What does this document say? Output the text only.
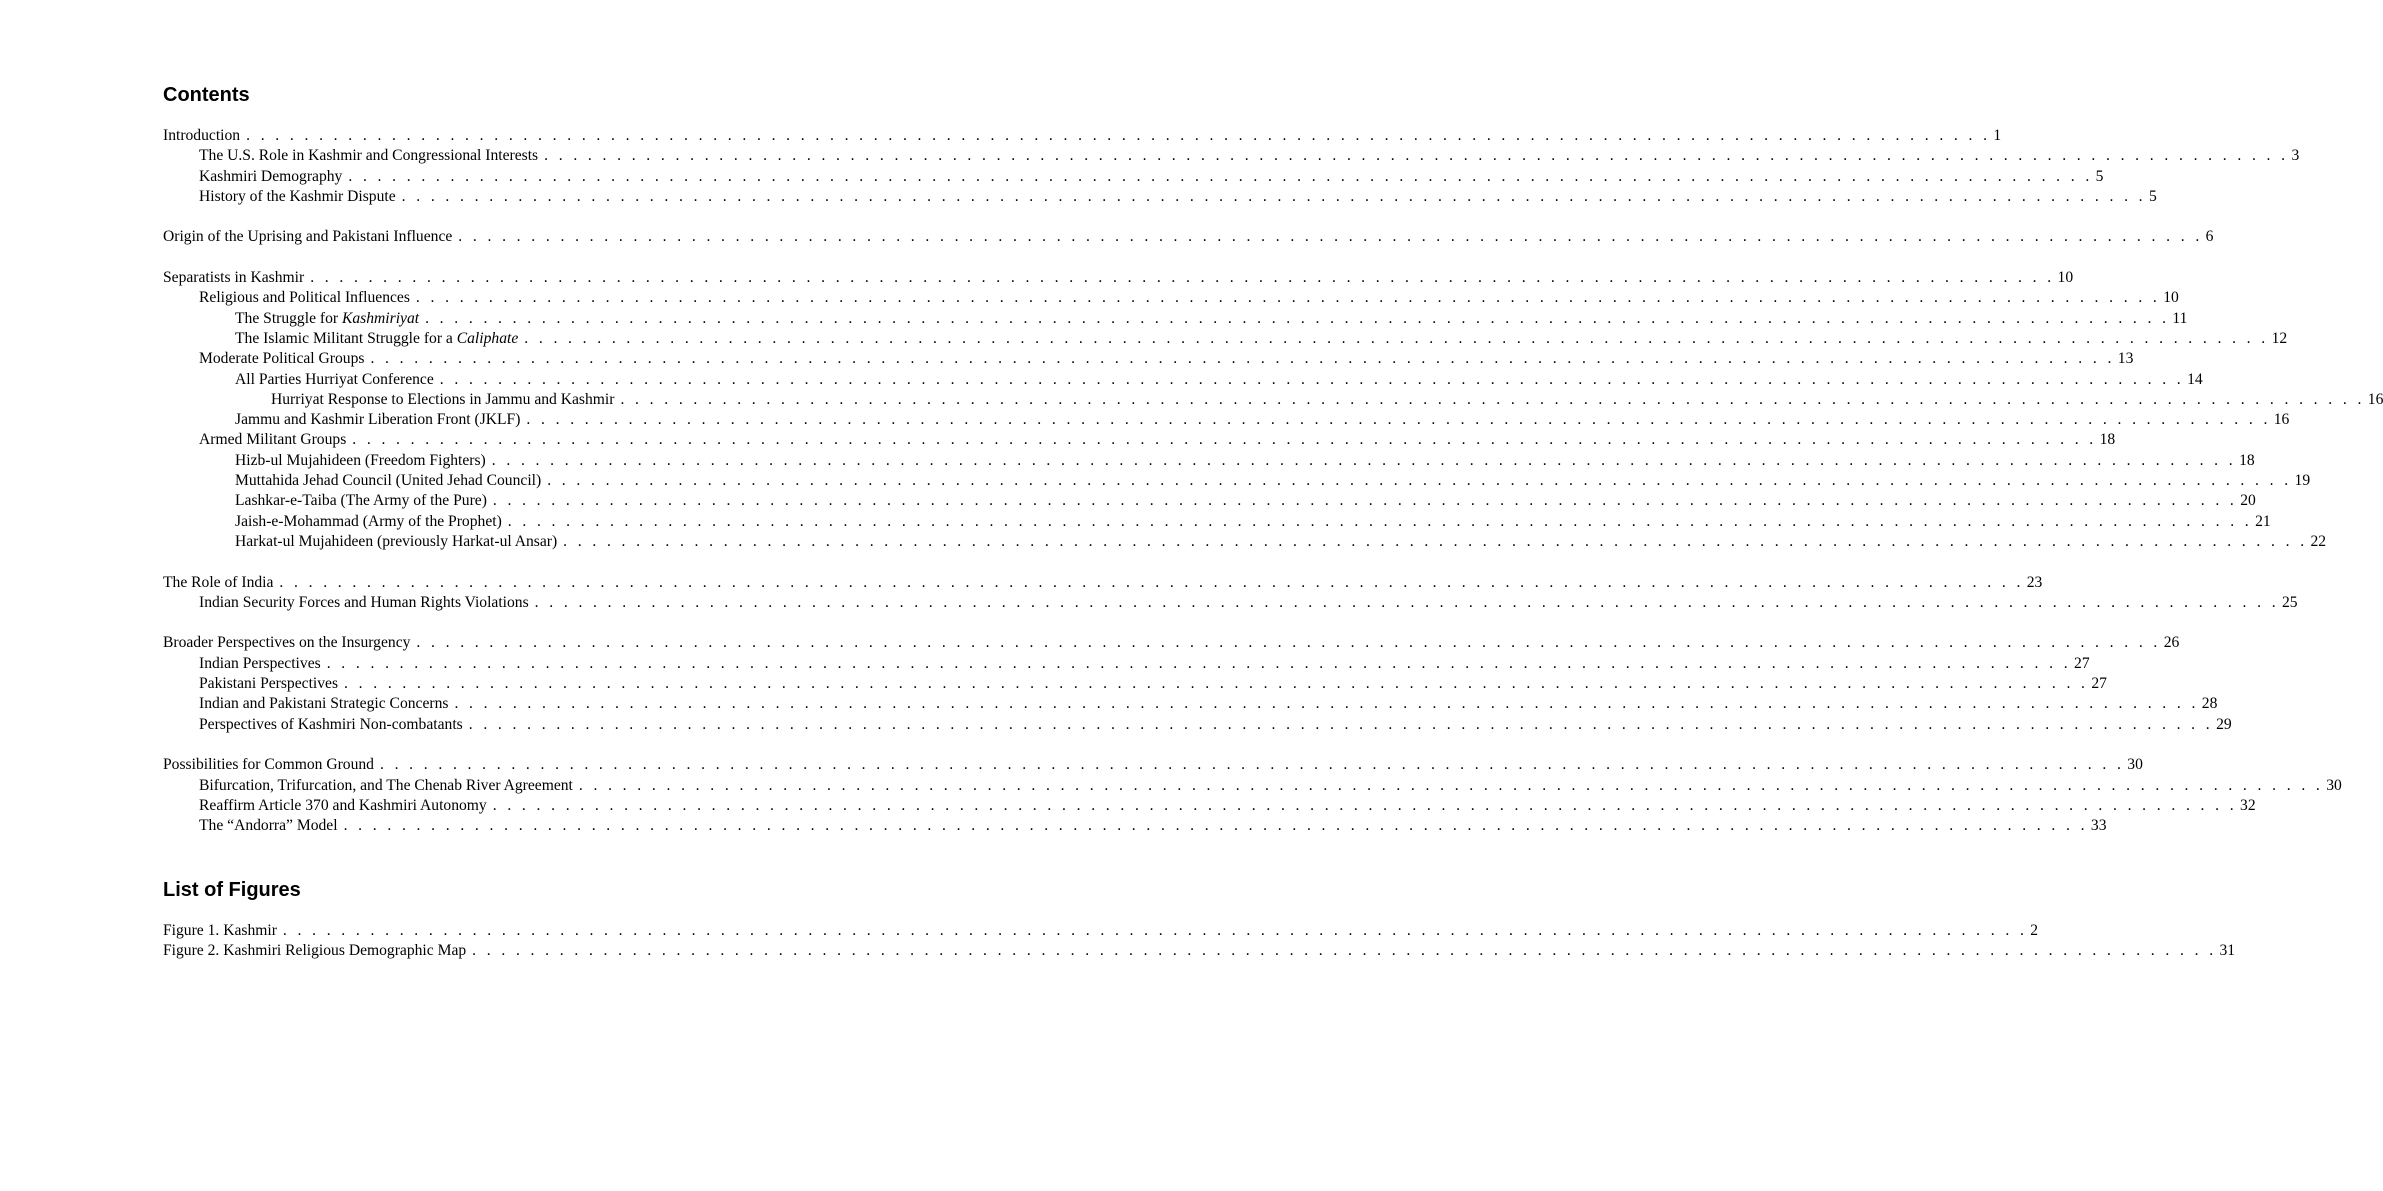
Contents
Introduction . . . . . . . . . . . . . . . . . . . . . . . . . . . . . . . . . . . . . . . . . . . . . . . . . . . . . . . . . . . . . . . . . . . . . . . . . . . . . . . . . . . . . . . . . . . . . . . . . . . . . . . . . . . . . . . . . . . . . . . . 1
The U.S. Role in Kashmir and Congressional Interests . . . . . . . . . . . . . . . . . . . . . . . . . . . . . . . . . . . . . . . . . . . . . . . . . . . . . . . . . . . . . . . . . . . . . . . . . . . . . . . . . . . . . . . . . . . . . . . . . . . . . . . . . . . . . . . . . . . . . . . . 3
Kashmiri Demography . . . . . . . . . . . . . . . . . . . . . . . . . . . . . . . . . . . . . . . . . . . . . . . . . . . . . . . . . . . . . . . . . . . . . . . . . . . . . . . . . . . . . . . . . . . . . . . . . . . . . . . . . . . . . . . . . . . . . . . . 5
History of the Kashmir Dispute . . . . . . . . . . . . . . . . . . . . . . . . . . . . . . . . . . . . . . . . . . . . . . . . . . . . . . . . . . . . . . . . . . . . . . . . . . . . . . . . . . . . . . . . . . . . . . . . . . . . . . . . . . . . . . . . . . . . . . . . 5
Origin of the Uprising and Pakistani Influence . . . . . . . . . . . . . . . . . . . . . . . . . . . . . . . . . . . . . . . . . . . . . . . . . . . . . . . . . . . . . . . . . . . . . . . . . . . . . . . . . . . . . . . . . . . . . . . . . . . . . . . . . . . . . . . . . . . . . . . . 6
Separatists in Kashmir . . . . . . . . . . . . . . . . . . . . . . . . . . . . . . . . . . . . . . . . . . . . . . . . . . . . . . . . . . . . . . . . . . . . . . . . . . . . . . . . . . . . . . . . . . . . . . . . . . . . . . . . . . . . . . . . . . . . . . . . 10
Religious and Political Influences . . . . . . . . . . . . . . . . . . . . . . . . . . . . . . . . . . . . . . . . . . . . . . . . . . . . . . . . . . . . . . . . . . . . . . . . . . . . . . . . . . . . . . . . . . . . . . . . . . . . . . . . . . . . . . . . . . . . . . . . 10
The Struggle for Kashmiriyat . . . . . . . . . . . . . . . . . . . . . . . . . . . . . . . . . . . . . . . . . . . . . . . . . . . . . . . . . . . . . . . . . . . . . . . . . . . . . . . . . . . . . . . . . . . . . . . . . . . . . . . . . . . . . . . . . . . . . . . . 11
The Islamic Militant Struggle for a Caliphate . . . . . . . . . . . . . . . . . . . . . . . . . . . . . . . . . . . . . . . . . . . . . . . . . . . . . . . . . . . . . . . . . . . . . . . . . . . . . . . . . . . . . . . . . . . . . . . . . . . . . . . . . . . . . . . . . . . . . . . . 12
Moderate Political Groups . . . . . . . . . . . . . . . . . . . . . . . . . . . . . . . . . . . . . . . . . . . . . . . . . . . . . . . . . . . . . . . . . . . . . . . . . . . . . . . . . . . . . . . . . . . . . . . . . . . . . . . . . . . . . . . . . . . . . . . . 13
All Parties Hurriyat Conference . . . . . . . . . . . . . . . . . . . . . . . . . . . . . . . . . . . . . . . . . . . . . . . . . . . . . . . . . . . . . . . . . . . . . . . . . . . . . . . . . . . . . . . . . . . . . . . . . . . . . . . . . . . . . . . . . . . . . . . . 14
Hurriyat Response to Elections in Jammu and Kashmir . . . . . . . . . . . . . . . . . . . . . . . . . . . . . . . . . . . . . . . . . . . . . . . . . . . . . . . . . . . . . . . . . . . . . . . . . . . . . . . . . . . . . . . . . . . . . . . . . . . . . . . . . . . . . . . . . . . . . . . . 16
Jammu and Kashmir Liberation Front (JKLF) . . . . . . . . . . . . . . . . . . . . . . . . . . . . . . . . . . . . . . . . . . . . . . . . . . . . . . . . . . . . . . . . . . . . . . . . . . . . . . . . . . . . . . . . . . . . . . . . . . . . . . . . . . . . . . . . . . . . . . . . 16
Armed Militant Groups . . . . . . . . . . . . . . . . . . . . . . . . . . . . . . . . . . . . . . . . . . . . . . . . . . . . . . . . . . . . . . . . . . . . . . . . . . . . . . . . . . . . . . . . . . . . . . . . . . . . . . . . . . . . . . . . . . . . . . . . 18
Hizb-ul Mujahideen (Freedom Fighters) . . . . . . . . . . . . . . . . . . . . . . . . . . . . . . . . . . . . . . . . . . . . . . . . . . . . . . . . . . . . . . . . . . . . . . . . . . . . . . . . . . . . . . . . . . . . . . . . . . . . . . . . . . . . . . . . . . . . . . . . 18
Muttahida Jehad Council (United Jehad Council) . . . . . . . . . . . . . . . . . . . . . . . . . . . . . . . . . . . . . . . . . . . . . . . . . . . . . . . . . . . . . . . . . . . . . . . . . . . . . . . . . . . . . . . . . . . . . . . . . . . . . . . . . . . . . . . . . . . . . . . . 19
Lashkar-e-Taiba (The Army of the Pure) . . . . . . . . . . . . . . . . . . . . . . . . . . . . . . . . . . . . . . . . . . . . . . . . . . . . . . . . . . . . . . . . . . . . . . . . . . . . . . . . . . . . . . . . . . . . . . . . . . . . . . . . . . . . . . . . . . . . . . . . 20
Jaish-e-Mohammad (Army of the Prophet) . . . . . . . . . . . . . . . . . . . . . . . . . . . . . . . . . . . . . . . . . . . . . . . . . . . . . . . . . . . . . . . . . . . . . . . . . . . . . . . . . . . . . . . . . . . . . . . . . . . . . . . . . . . . . . . . . . . . . . . . 21
Harkat-ul Mujahideen (previously Harkat-ul Ansar) . . . . . . . . . . . . . . . . . . . . . . . . . . . . . . . . . . . . . . . . . . . . . . . . . . . . . . . . . . . . . . . . . . . . . . . . . . . . . . . . . . . . . . . . . . . . . . . . . . . . . . . . . . . . . . . . . . . . . . . . 22
The Role of India . . . . . . . . . . . . . . . . . . . . . . . . . . . . . . . . . . . . . . . . . . . . . . . . . . . . . . . . . . . . . . . . . . . . . . . . . . . . . . . . . . . . . . . . . . . . . . . . . . . . . . . . . . . . . . . . . . . . . . . . 23
Indian Security Forces and Human Rights Violations . . . . . . . . . . . . . . . . . . . . . . . . . . . . . . . . . . . . . . . . . . . . . . . . . . . . . . . . . . . . . . . . . . . . . . . . . . . . . . . . . . . . . . . . . . . . . . . . . . . . . . . . . . . . . . . . . . . . . . . . 25
Broader Perspectives on the Insurgency . . . . . . . . . . . . . . . . . . . . . . . . . . . . . . . . . . . . . . . . . . . . . . . . . . . . . . . . . . . . . . . . . . . . . . . . . . . . . . . . . . . . . . . . . . . . . . . . . . . . . . . . . . . . . . . . . . . . . . . . 26
Indian Perspectives . . . . . . . . . . . . . . . . . . . . . . . . . . . . . . . . . . . . . . . . . . . . . . . . . . . . . . . . . . . . . . . . . . . . . . . . . . . . . . . . . . . . . . . . . . . . . . . . . . . . . . . . . . . . . . . . . . . . . . . . 27
Pakistani Perspectives . . . . . . . . . . . . . . . . . . . . . . . . . . . . . . . . . . . . . . . . . . . . . . . . . . . . . . . . . . . . . . . . . . . . . . . . . . . . . . . . . . . . . . . . . . . . . . . . . . . . . . . . . . . . . . . . . . . . . . . . 27
Indian and Pakistani Strategic Concerns . . . . . . . . . . . . . . . . . . . . . . . . . . . . . . . . . . . . . . . . . . . . . . . . . . . . . . . . . . . . . . . . . . . . . . . . . . . . . . . . . . . . . . . . . . . . . . . . . . . . . . . . . . . . . . . . . . . . . . . . 28
Perspectives of Kashmiri Non-combatants . . . . . . . . . . . . . . . . . . . . . . . . . . . . . . . . . . . . . . . . . . . . . . . . . . . . . . . . . . . . . . . . . . . . . . . . . . . . . . . . . . . . . . . . . . . . . . . . . . . . . . . . . . . . . . . . . . . . . . . . 29
Possibilities for Common Ground . . . . . . . . . . . . . . . . . . . . . . . . . . . . . . . . . . . . . . . . . . . . . . . . . . . . . . . . . . . . . . . . . . . . . . . . . . . . . . . . . . . . . . . . . . . . . . . . . . . . . . . . . . . . . . . . . . . . . . . . 30
Bifurcation, Trifurcation, and The Chenab River Agreement . . . . . . . . . . . . . . . . . . . . . . . . . . . . . . . . . . . . . . . . . . . . . . . . . . . . . . . . . . . . . . . . . . . . . . . . . . . . . . . . . . . . . . . . . . . . . . . . . . . . . . . . . . . . . . . . . . . . . . . . 30
Reaffirm Article 370 and Kashmiri Autonomy . . . . . . . . . . . . . . . . . . . . . . . . . . . . . . . . . . . . . . . . . . . . . . . . . . . . . . . . . . . . . . . . . . . . . . . . . . . . . . . . . . . . . . . . . . . . . . . . . . . . . . . . . . . . . . . . . . . . . . . . 32
The “Andorra” Model . . . . . . . . . . . . . . . . . . . . . . . . . . . . . . . . . . . . . . . . . . . . . . . . . . . . . . . . . . . . . . . . . . . . . . . . . . . . . . . . . . . . . . . . . . . . . . . . . . . . . . . . . . . . . . . . . . . . . . . . 33
List of Figures
Figure 1. Kashmir . . . . . . . . . . . . . . . . . . . . . . . . . . . . . . . . . . . . . . . . . . . . . . . . . . . . . . . . . . . . . . . . . . . . . . . . . . . . . . . . . . . . . . . . . . . . . . . . . . . . . . . . . . . . . . . . . . . . . . . . 2
Figure 2. Kashmiri Religious Demographic Map . . . . . . . . . . . . . . . . . . . . . . . . . . . . . . . . . . . . . . . . . . . . . . . . . . . . . . . . . . . . . . . . . . . . . . . . . . . . . . . . . . . . . . . . . . . . . . . . . . . . . . . . . . . . . . . . . . . . . . . . 31
